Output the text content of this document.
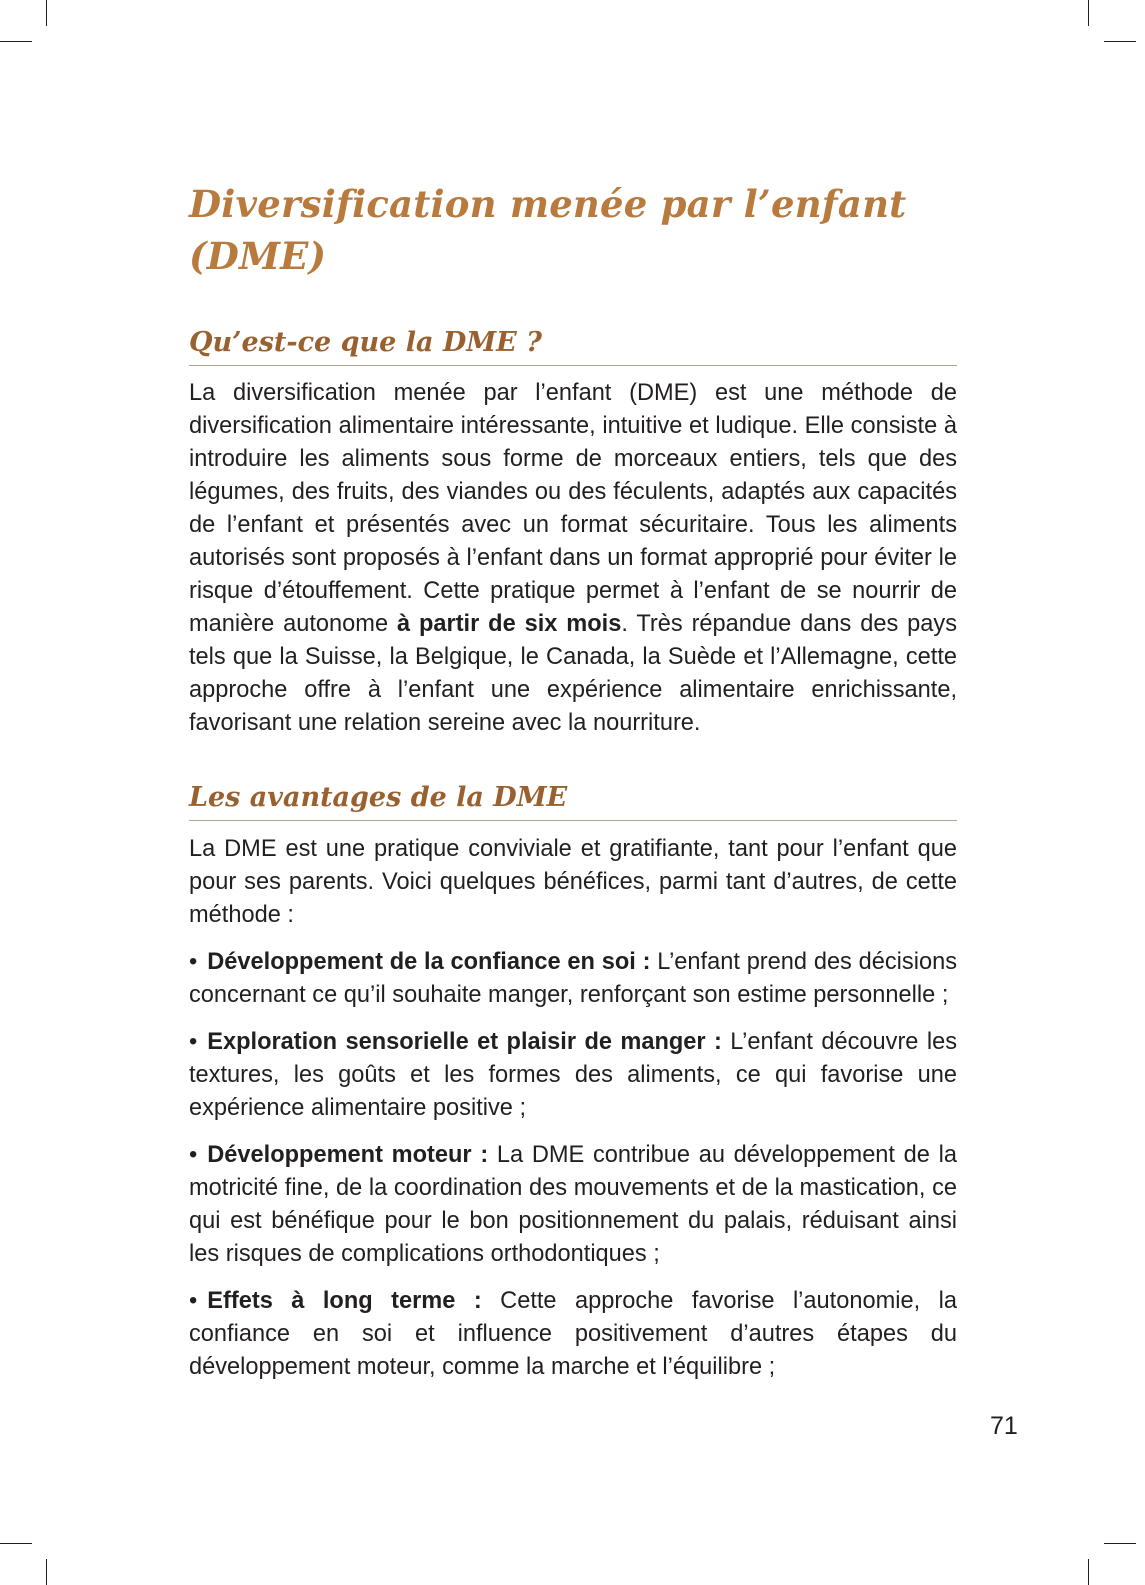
Diversification menée par l’enfant (DME)
Qu’est-ce que la DME ?

La diversification menée par l’enfant (DME) est une méthode de diversification alimentaire intéressante, intuitive et ludique. Elle consiste à introduire les aliments sous forme de morceaux entiers, tels que des légumes, des fruits, des viandes ou des féculents, adaptés aux capacités de l’enfant et présentés avec un format sécuritaire. Tous les aliments autorisés sont proposés à l’enfant dans un format approprié pour éviter le risque d’étouffement. Cette pratique permet à l’enfant de se nourrir de manière autonome à partir de six mois. Très répandue dans des pays tels que la Suisse, la Belgique, le Canada, la Suède et l’Allemagne, cette approche offre à l’enfant une expérience alimentaire enrichissante, favorisant une relation sereine avec la nourriture.

Les avantages de la DME

La DME est une pratique conviviale et gratifiante, tant pour l’enfant que pour ses parents. Voici quelques bénéfices, parmi tant d’autres, de cette méthode :

• Développement de la confiance en soi : L’enfant prend des décisions concernant ce qu’il souhaite manger, renforçant son estime personnelle ;

• Exploration sensorielle et plaisir de manger : L’enfant découvre les textures, les goûts et les formes des aliments, ce qui favorise une expérience alimentaire positive ;

• Développement moteur : La DME contribue au développement de la motricité fine, de la coordination des mouvements et de la mastication, ce qui est bénéfique pour le bon positionnement du palais, réduisant ainsi les risques de complications orthodontiques ;

• Effets à long terme : Cette approche favorise l’autonomie, la confiance en soi et influence positivement d’autres étapes du développement moteur, comme la marche et l’équilibre ;

71
